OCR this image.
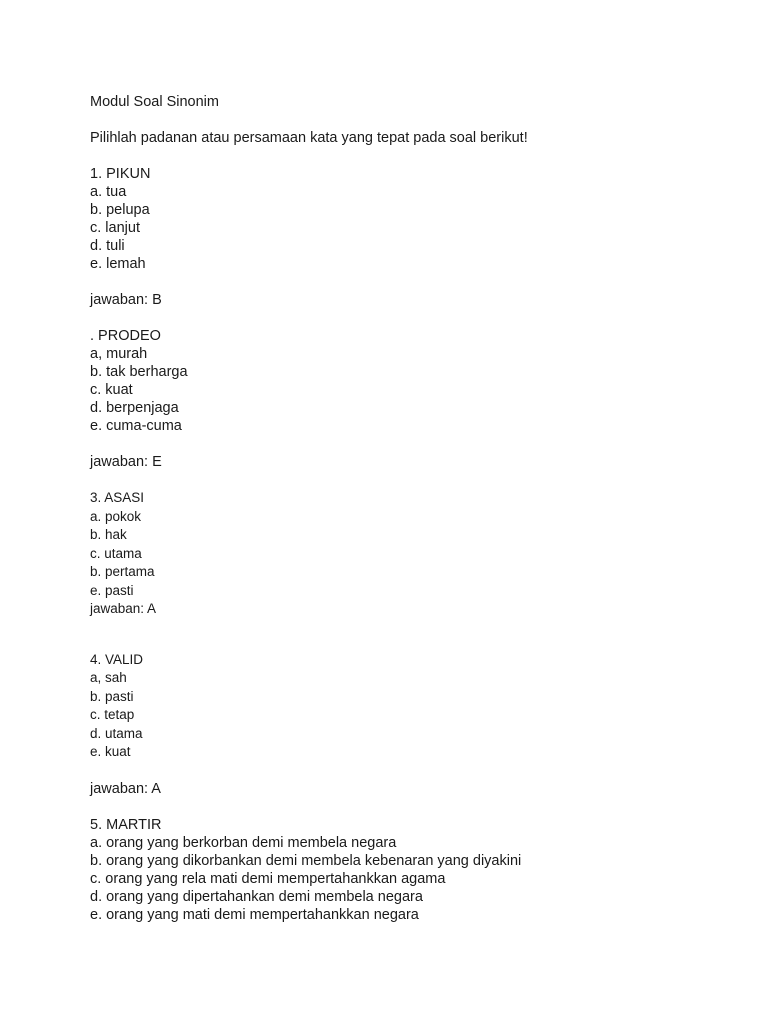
Modul Soal Sinonim
Pilihlah padanan atau persamaan kata yang tepat pada soal berikut!
1. PIKUN
a. tua
b. pelupa
c. lanjut
d. tuli
e. lemah
jawaban: B
. PRODEO
a, murah
b. tak berharga
c. kuat
d. berpenjaga
e. cuma-cuma
jawaban: E
3. ASASI
a. pokok
b. hak
c. utama
b. pertama
e. pasti
jawaban: A
4. VALID
a, sah
b. pasti
c. tetap
d. utama
e. kuat
jawaban: A
5. MARTIR
a. orang yang berkorban demi membela negara
b. orang yang dikorbankan demi membela kebenaran yang diyakini
c. orang yang rela mati demi mempertahankkan agama
d. orang yang dipertahankan demi membela negara
e. orang yang mati demi mempertahankkan negara
